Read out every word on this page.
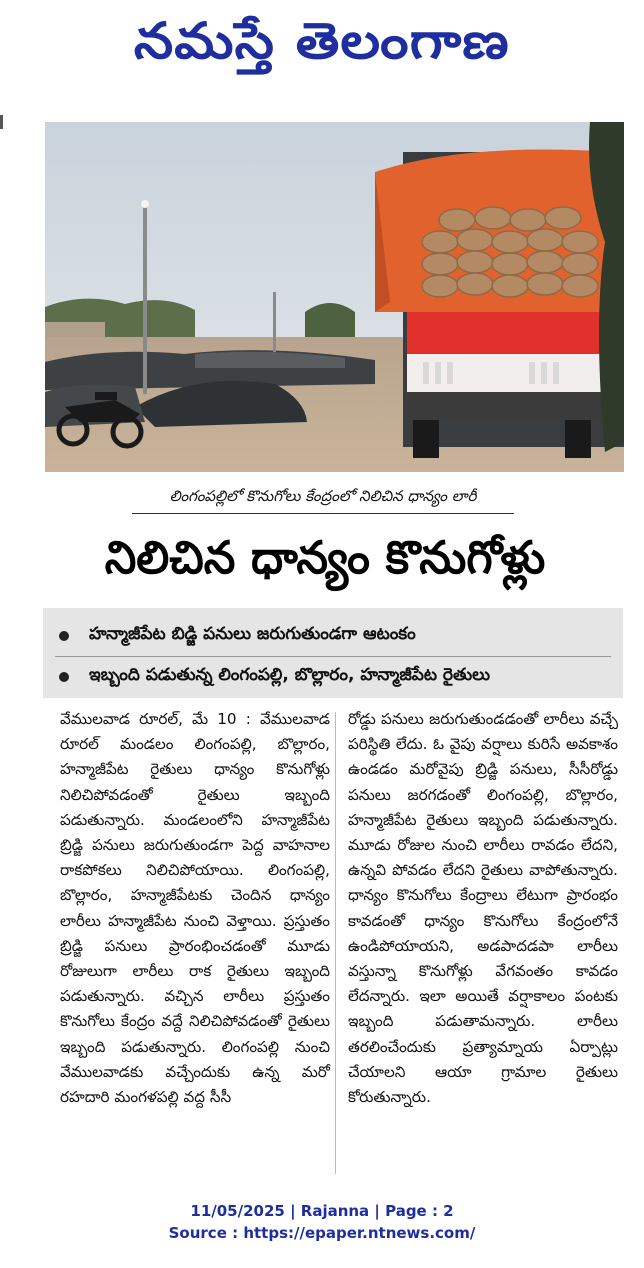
నమస్తే తెలంగాణ
లింగంపల్లిలో కొనుగోలు కేంద్రంలో నిలిచిన ధాన్యం లారీ
నిలిచిన ధాన్యం కొనుగోళ్లు
హన్మాజీపేట బిడ్జి పనులు జరుగుతుండగా ఆటంకం
ఇబ్బంది పడుతున్న లింగంపల్లి, బొల్లారం, హన్మాజీపేట రైతులు
వేములవాడ రూరల్, మే 10 : వేములవాడ రూరల్ మండలం లింగంపల్లి, బొల్లారం, హన్మాజీపేట రైతులు ధాన్యం కొనుగోళ్లు నిలిచిపోవడంతో రైతులు ఇబ్బంది పడుతున్నారు. మండలంలోని హన్మాజీపేట బ్రిడ్జి పనులు జరుగుతుండగా పెద్ద వాహనాల రాకపోకలు నిలిచిపోయాయి. లింగంపల్లి, బొల్లారం, హన్మాజీపేటకు చెందిన ధాన్యం లారీలు హన్మాజీపేట నుంచి వెళ్తాయి. ప్రస్తుతం బ్రిడ్జి పనులు ప్రారంభించడంతో మూడు రోజులుగా లారీలు రాక రైతులు ఇబ్బంది పడుతున్నారు. వచ్చిన లారీలు ప్రస్తుతం కొనుగోలు కేంద్రం వద్దే నిలిచిపోవడంతో రైతులు ఇబ్బంది పడుతున్నారు. లింగంపల్లి నుంచి వేములవాడకు వచ్చేందుకు ఉన్న మరో రహదారి మంగళపల్లి వద్ద సీసీ
రోడ్డు పనులు జరుగుతుండడంతో లారీలు వచ్చే పరిస్థితి లేదు. ఓ వైపు వర్షాలు కురిసే అవకాశం ఉండడం మరోవైపు బ్రిడ్జి పనులు, సీసీరోడ్డు పనులు జరగడంతో లింగంపల్లి, బొల్లారం, హన్మాజీపేట రైతులు ఇబ్బంది పడుతున్నారు. మూడు రోజుల నుంచి లారీలు రావడం లేదని, ఉన్నవి పోవడం లేదని రైతులు వాపోతున్నారు. ధాన్యం కొనుగోలు కేంద్రాలు లేటుగా ప్రారంభం కావడంతో ధాన్యం కొనుగోలు కేంద్రంలోనే ఉండిపోయాయని, అడపాదడపా లారీలు వస్తున్నా కొనుగోళ్లు వేగవంతం కావడం లేదన్నారు. ఇలా అయితే వర్షాకాలం పంటకు ఇబ్బంది పడుతామన్నారు. లారీలు తరలించేందుకు ప్రత్యామ్నాయ ఏర్పాట్లు చేయాలని ఆయా గ్రామాల రైతులు కోరుతున్నారు.
11/05/2025 | Rajanna | Page : 2
Source : https://epaper.ntnews.com/
